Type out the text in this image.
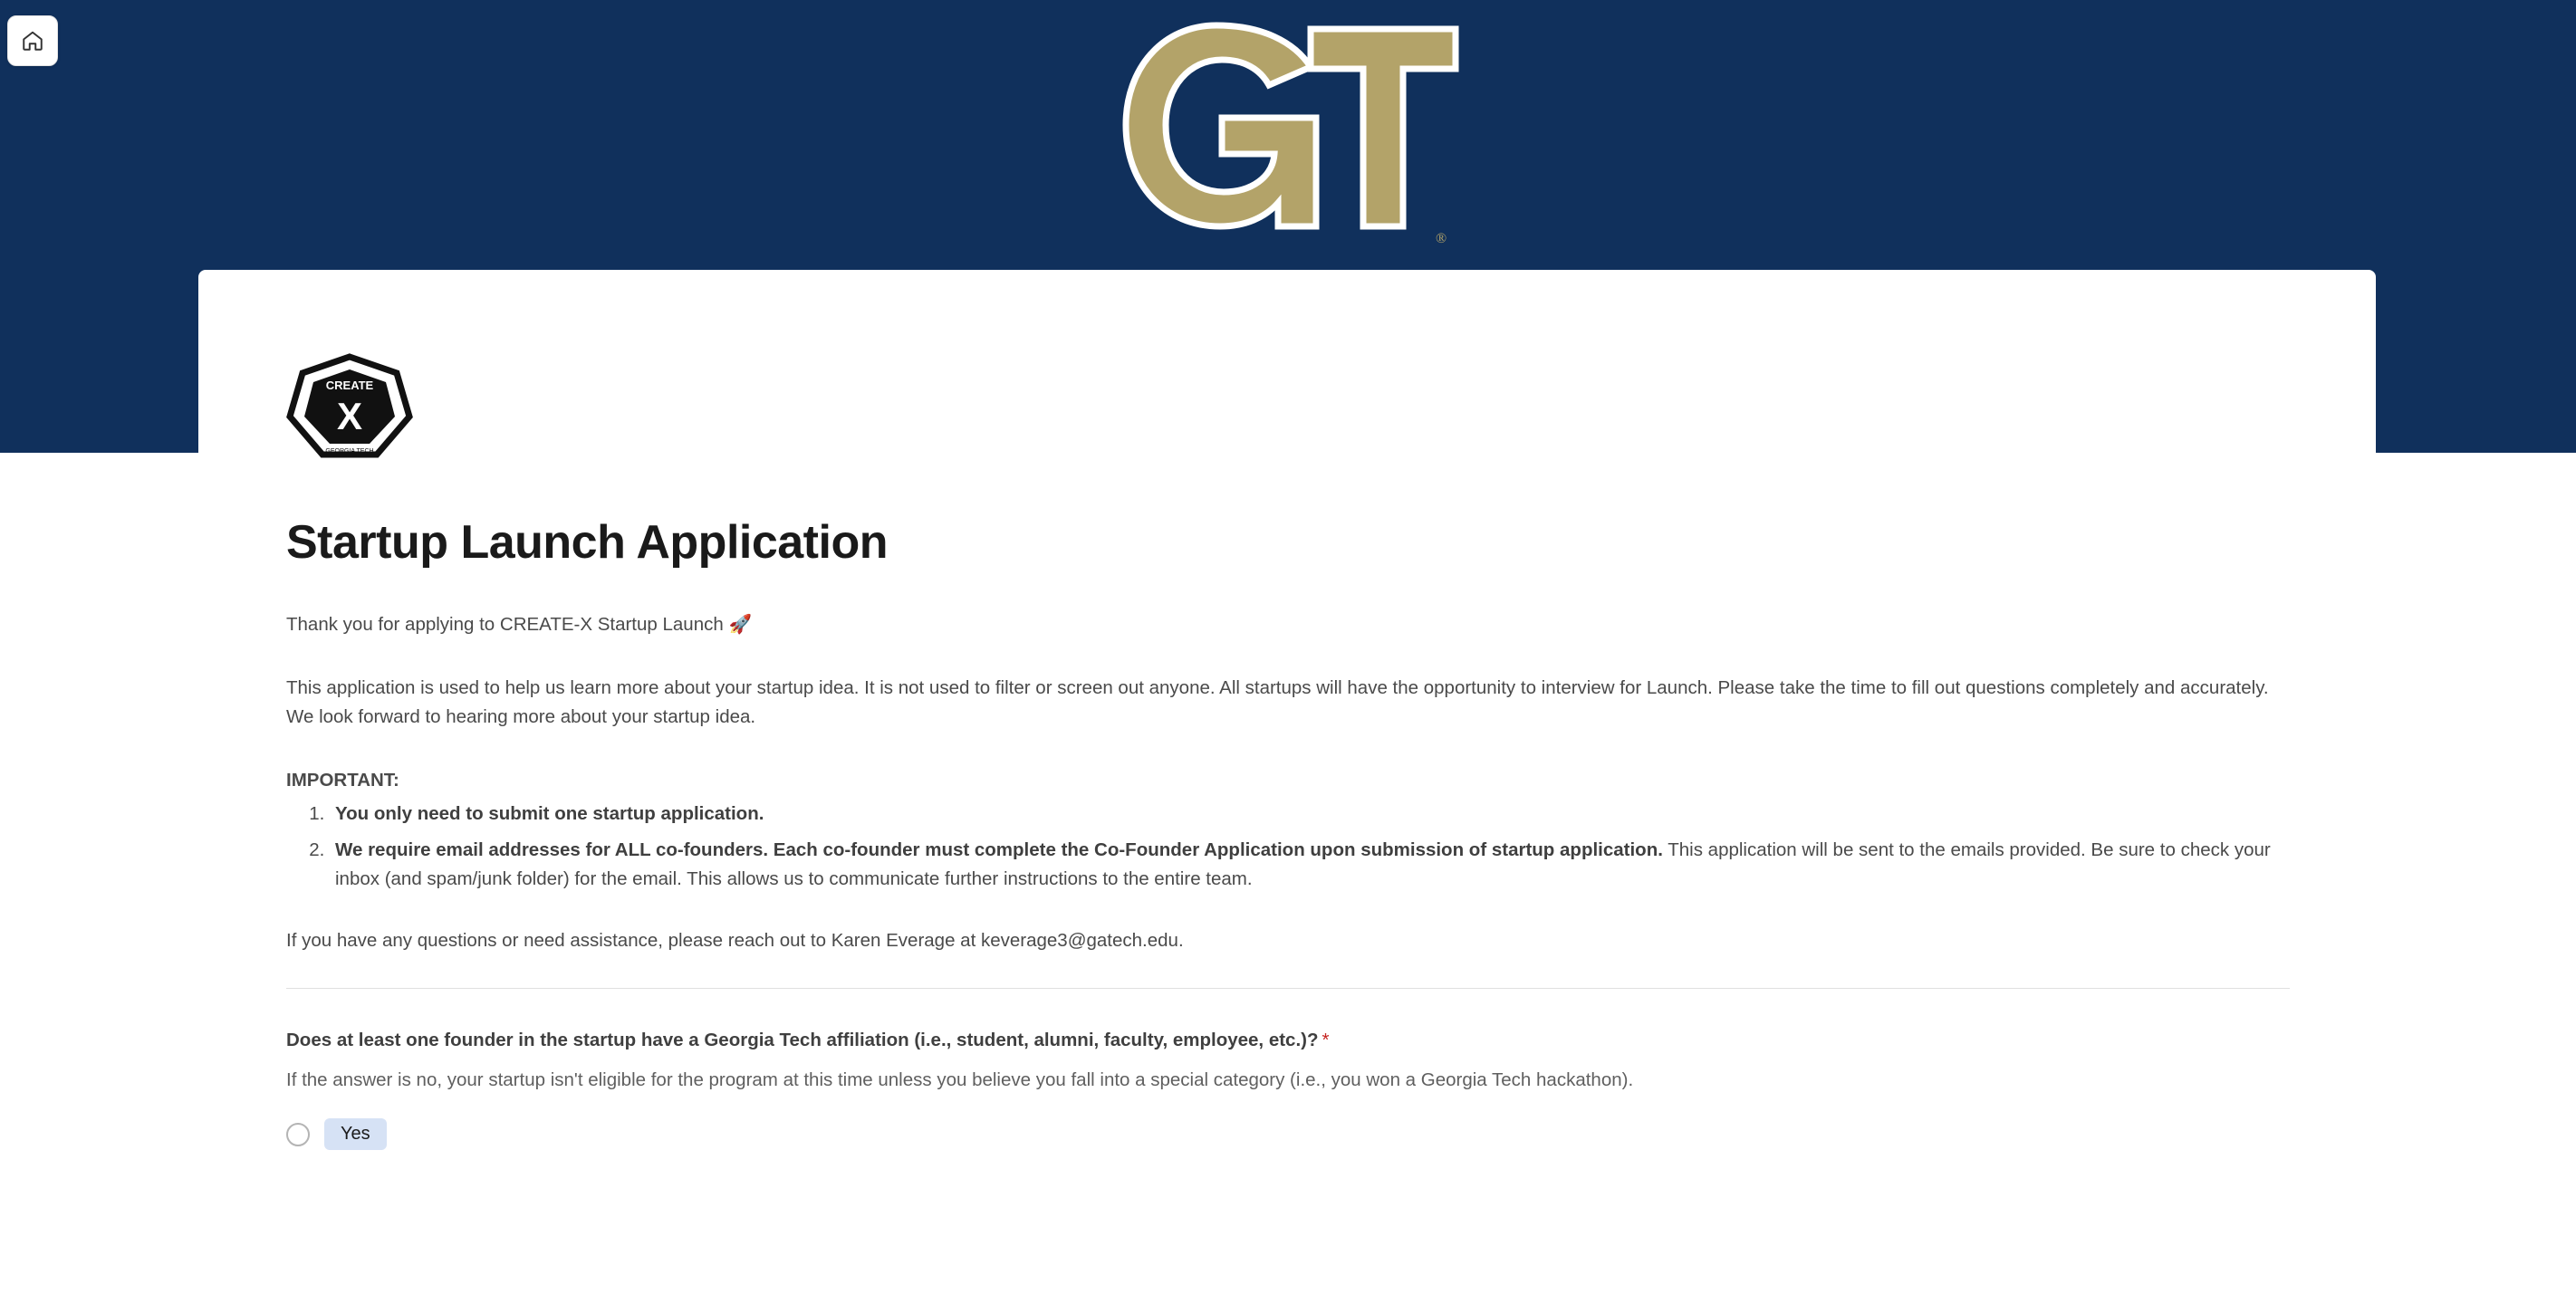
®
CREATE
X
GEORGIA TECH
Startup Launch Application

Thank you for applying to CREATE-X Startup Launch 🚀

This application is used to help us learn more about your startup idea. It is not used to filter or screen out anyone. All startups will have the opportunity to interview for Launch. Please take the time to fill out questions completely and accurately. We look forward to hearing more about your startup idea.

IMPORTANT:

1. You only need to submit one startup application.
2. We require email addresses for ALL co-founders. Each co-founder must complete the Co-Founder Application upon submission of startup application. This application will be sent to the emails provided. Be sure to check your inbox (and spam/junk folder) for the email. This allows us to communicate further instructions to the entire team.

If you have any questions or need assistance, please reach out to Karen Everage at keverage3@gatech.edu.

Does at least one founder in the startup have a Georgia Tech affiliation (i.e., student, alumni, faculty, employee, etc.)? *

If the answer is no, your startup isn't eligible for the program at this time unless you believe you fall into a special category (i.e., you won a Georgia Tech hackathon).

Yes
